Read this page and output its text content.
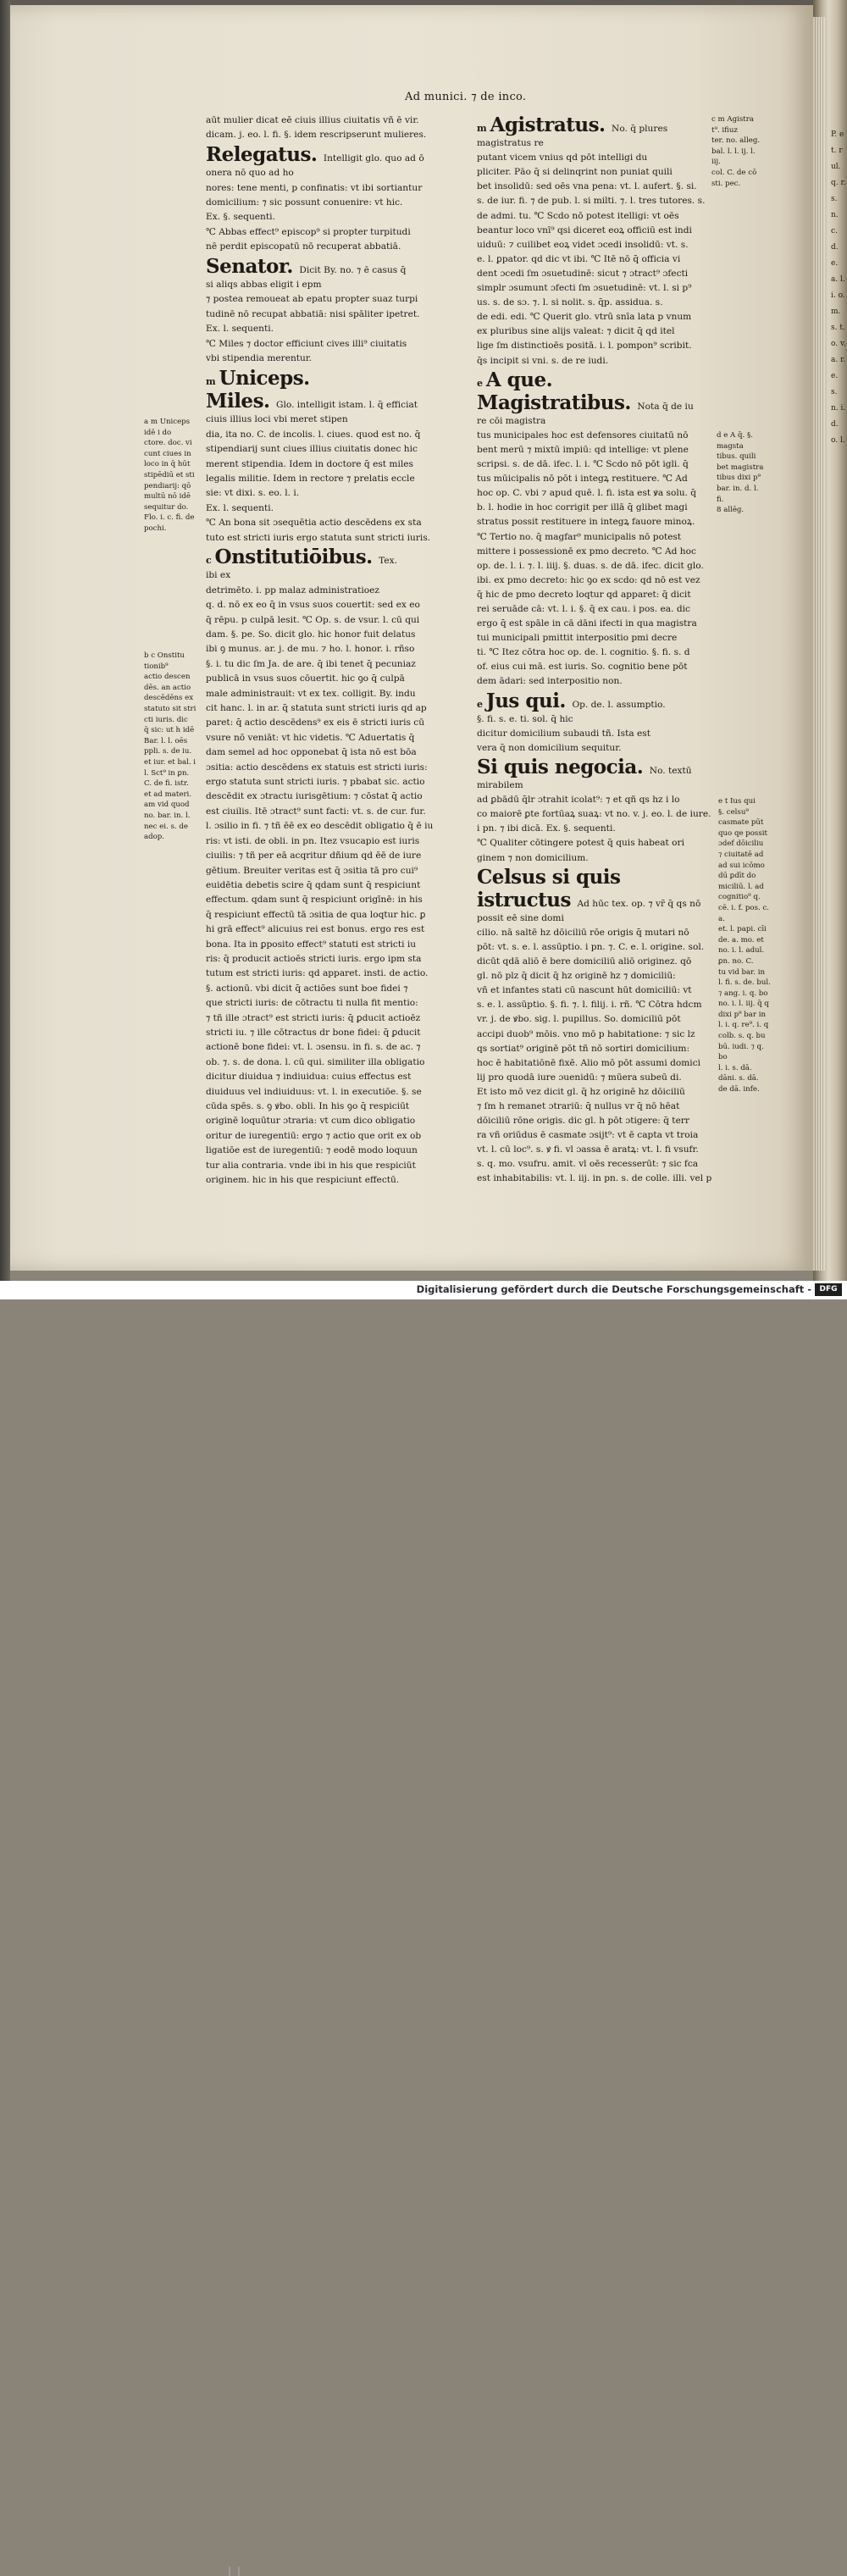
P. et. rul. q. r. s. n. c. d. e. a. l. i. o. m. s. t. o. v. a. r. e. s. n. i. d. o. l.
Ad munici. ⁊ de inco.
aūt mulier dicat eē ciuis illius ciuitatis vñ ē vir.
dicam. j. eo. l. fi. §. idem rescripserunt mulieres.
Relegatus. Intelligit glo. quo ad ō
onera nō quo ad ho
nores: tene menti, p confinatis: vt ibi sortiantur
domicilium: ⁊ sic possunt conuenire: vt hic.
Ex. §. sequenti.
℃ Abbas effect⁹ episcop⁹ si propter turpitudi
nē perdit episcopatū nō recuperat abbatiā.
Senator. Dicit By. no. ⁊ ē casus q̄
si aliqs abbas eligit i epm
⁊ postea remoueat ab epatu propter suaz turpi
tudinē nō recupat abbatiā: nisi spāliter ipetret.
Ex. l. sequenti.
℃ Miles ⁊ doctor efficiunt cives illi⁹ ciuitatis
vbi stipendia merentur.
m Uniceps.
Miles. Glo. intelligit istam. l. q̄ efficiat
ciuis illius loci vbi meret stipen
dia, ita no. C. de incolis. l. ciues. quod est no. q̄
stipendiarij sunt ciues illius ciuitatis donec hic
merent stipendia. Idem in doctore q̄ est miles
legalis militie. Idem in rectore ⁊ prelatis eccle
sie: vt dixi. s. eo. l. i.
Ex. l. sequenti.
℃ An bona sit ɔsequētia actio descēdens ex sta
tuto est stricti iuris ergo statuta sunt stricti iuris.
c Onstitutiōibus. Tex.
ibi ex
detrimēto. i. pp malaz administratioez
q. d. nō ex eo q̄ in vsus suos couertit: sed ex eo
q̄ rēpu. p culpā lesit. ℃ Op. s. de vsur. l. cū qui
dam. §. pe. So. dicit glo. hic honor fuit delatus
ibi ꝯ munus. ar. j. de mu. ⁊ ho. l. honor. i. rñso
§. i. tu dic ſm Ja. de are. q̄ ibi tenet q̄ pecuniaz
publicā in vsus suos cōuertit. hic ꝯo q̄ culpā
male administrauit: vt ex tex. colligit. By. indu
cit hanc. l. in ar. q̄ statuta sunt stricti iuris qd ap
paret: q̄ actio descēdens⁹ ex eis ē stricti iuris cū
vsure nō veniāt: vt hic videtis. ℃ Aduertatis q̄
dam semel ad hoc opponebat q̄ ista nō est bōa
ɔsitia: actio descēdens ex statuis est stricti iuris:
ergo statuta sunt stricti iuris. ⁊ pbabat sic. actio
descēdit ex ɔtractu iurisgētium: ⁊ cōstat q̄ actio
est ciuilis. Itē ɔtract⁹ sunt facti: vt. s. de cur. fur.
l. ɔsilio in fi. ⁊ tñ ēē ex eo descēdit obligatio q̄ ē iu
ris: vt isti. de obli. in pn. Itez vsucapio est iuris
ciuilis: ⁊ tñ per eā acqritur dñium qd ēē de iure
gētium. Breuiter veritas est q̄ ɔsitia tā pro cui⁹
euidētia debetis scire q̄ qdam sunt q̄ respiciunt
effectum. qdam sunt q̄ respiciunt origīnē: in his
q̄ respiciunt effectū tā ɔsitia de qua loqtur hic. ꝑ
hi grā effect⁹ alicuius rei est bonus. ergo res est
bona. Ita in ꝑposito effect⁹ statuti est stricti iu
ris: q̄ producit actioēs stricti iuris. ergo ipm sta
tutum est stricti iuris: qd apparet. insti. de actio.
§. actionū. vbi dicit q̄ actiões sunt boe fidei ⁊
que stricti iuris: de cōtractu ti nulla fit mentio:
⁊ tñ ille ɔtract⁹ est stricti iuris: q̄ ꝑducit actioēz
stricti iu. ⁊ ille cōtractus dr bone fidei: q̄ ꝑducit
actionē bone fidei: vt. l. ɔsensu. in fi. s. de ac. ⁊
ob. ⁊. s. de dona. l. cū qui. similiter illa obligatio
dicitur diuidua ⁊ indiuidua: cuius effectus est
diuiduus vel indiuiduus: vt. l. in executiōe. §. se
cūda spēs. s. ꝯ ꝟbo. obli. In his ꝯo q̄ respiciūt
originē loquūtur ɔtraria: vt cum dico obligatio
oritur de iuregentiū: ergo ⁊ actio que orit ex ob
ligatiōe est de iuregentiū: ⁊ eodē modo loquun
tur alia contraria. vnde ibi in his que respiciūt
originem. hic in his que respiciunt effectū.
m Agistratus. No. q̄ plures
magistratus re
putant vicem vnius qd pōt intelligi du
pliciter. Pāo q̄ si delinqrint non puniat quili
bet insolidū: sed oēs vna pena: vt. l. aufert. §. si.
s. de iur. fi. ⁊ de pub. l. si milti. ⁊. l. tres tutores. s.
de admi. tu. ℃ Scdo nō potest itelligi: vt oēs
beantur loco vnī⁹ qsi diceret eoꝝ officiū est indi
uiduū: ⁊ cuilibet eoꝝ videt ɔcedi insolidū: vt. s.
e. l. ꝑpator. qd dic vt ibi. ℃ Itē nō q̄ officia vi
dent ɔcedi ſm ɔsuetudinē: sicut ⁊ ɔtract⁹ ɔfecti
simplr ɔsumunt ɔfecti ſm ɔsuetudinē: vt. l. si p⁹
us. s. de sɔ. ⁊. l. si nolit. s. q̄p. assidua. s.
de edi. edi. ℃ Querit glo. vtrū snīa lata p vnum
ex pluribus sine alijs valeat: ⁊ dicit q̄ qd itel
lige ſm distinctioēs positā. i. l. pompon⁹ scribit.
q̄s incipit si vni. s. de re iudi.
e A que.
Magistratibus. Nota q̄ de iu
re cōi magistra
tus municipales hoc est defensores ciuitatū nō
bent merū ⁊ mixtū impiū: qd intellige: vt plene
scripsi. s. de dā. ifec. l. i. ℃ Scdo nō pōt igli. q̄
tus mūicipalis nō pōt i integꝝ restituere. ℃ Ad
hoc op. C. vbi ⁊ apud quē. l. fi. ista est ꝟa solu. q̄
b. l. hodie in hoc corrigit per illā q̄ glibet magi
stratus possit restituere in integꝝ fauore minoꝝ.
℃ Tertio no. q̄ magfar⁹ municipalis nō potest
mittere i possessionē ex pmo decreto. ℃ Ad hoc
op. de. l. i. ⁊. l. iiij. §. duas. s. de dā. ifec. dicit glo.
ibi. ex pmo decreto: hic ꝯo ex scdo: qd nō est vez
q̄ hic de pmo decreto loqtur qd apparet: q̄ dicit
rei seruāde cā: vt. l. i. §. q̄ ex cau. i pos. ea. dic
ergo q̄ est spāle in cā dāni ifecti in qua magistra
tui municipali pmittit interpositio pmi decre
ti. ℃ Itez cōtra hoc op. de. l. cognitio. §. fi. s. d
of. eius cui mā. est iuris. So. cognitio bene pōt
dem ādari: sed interpositio non.
e Jus qui. Op. de. l. assumptio.
§. fi. s. e. ti. sol. q̄ hic
dicitur domicilium subaudi tñ. Ista est
vera q̄ non domicilium sequitur.
Si quis negocia. No. textū
mirabilem
ad ꝑbādū q̄lr ɔtrahit icolat⁹: ⁊ et qñ qs hz i lo
co maiorē ꝑte fortūaꝝ suaꝝ: vt no. v. j. eo. l. de iure.
i pn. ⁊ ibi dicā. Ex. §. sequenti.
℃ Qualiter cōtingere potest q̄ quis habeat ori
ginem ⁊ non domicilium.
Celsus si quis istructus Ad hūc tex. op. ⁊ vr̄ q̄ qs nō possit eē sine domi
cilio. nā saltē hz dōiciliū rōe origis q̄ mutari nō
pōt: vt. s. e. l. assūptio. i pn. ⁊. C. e. l. origine. sol.
dicūt qdā aliō ē bere domiciliū aliō originez. qō
gl. nō plz q̄ dicit q̄ hz originē hz ⁊ domiciliū:
vñ et infantes stati cū nascunt hūt domiciliū: vt
s. e. l. assūptio. §. fi. ⁊. l. filij. i. rñ. ℃ Cōtra hdcm
vr. j. de ꝟbo. sig. l. pupillus. So. domiciliū pōt
accipi duob⁹ mōis. vno mō p habitatione: ⁊ sic lz
qs sortiat⁹ originē pōt tñ nō sortiri domicilium:
hoc ē habitatiōnē fixē. Alio mō pōt assumi domici
lij pro quodā iure ɔuenidū: ⁊ mūera subeū di.
Et isto mō vez dicit gl. q̄ hz originē hz dōiciliū
⁊ ſm h remanet ɔtrariū: q̄ nullus vr q̄ nō hēat
dōiciliū rōne origis. dic gl. h pōt ɔtigere: q̄ terr
ra vñ oriūdus ē casmate ɔsijt⁹: vt ē capta vt troia
vt. l. cū loc⁹. s. ꝟ fi. vl ɔassa ē aratꝝ: vt. l. fi vsufr.
s. q. mo. vsufru. amit. vl oēs recesserūt: ⁊ sic fca
est inhabitabilis: vt. l. iij. in pn. s. de colle. illi. vel p
a m Uniceps
idē i do
ctore. doc. vi
cunt ciues in
loco in q̄ hūt
stipēdiū et sti
pendiarij: qō
multū nō idē
sequitur do.
Flo. i. c. fi. de
pochi.
b c Onstitu
tionib⁹
actio descen
dēs. an actio
descēdēns ex
statuto sit stri
cti iuris. dic
q̄ sic: ut h idē
Bar. l. l. oēs
ppli. s. de iu.
et iur. et bal. i
l. Sct⁹ in ꝑn.
C. de fi. istr.
et ad materi.
am vid quod
no. bar. in. l.
nec ei. s. de
adop.
c m Agistra
t⁹. ifiuz
ter. no. alleg.
bal. l. l. ij. l. iij.
col. C. de cō
sti. pec.
d e A q̄. §.
magsta
tibus. quili
bet magistra
tibus dixi p⁹
bar. in. d. l. fi.
8 allēg.
e t Ius qui
§. celsu⁹
casmate pūt
quo qe possit
ɔdef dōiciliu
⁊ ciuitatē ad
ad sui icōmo
dū ꝑdīt do
miciliū. l. ad
cognitio⁹ q.
cē. i. f. pos. c. a.
et. l. papi. cīi
de. a. mo. et
no. i. l. adul.
ꝑn. no. C.
tu vid bar. in
l. fi. s. de. bul.
⁊ ang. i. q. bo
no. i. l. iij. q̄ q
dixi p⁹ bar in
l. i. q. re⁹. i. q
colb. s. q. bu
bū. iudi. ⁊ q. bo
l. i. s. dā.
dāni. s. dā.
de dā. infe.
Digitalisierung gefördert durch die Deutsche Forschungsgemeinschaft -	DFG
